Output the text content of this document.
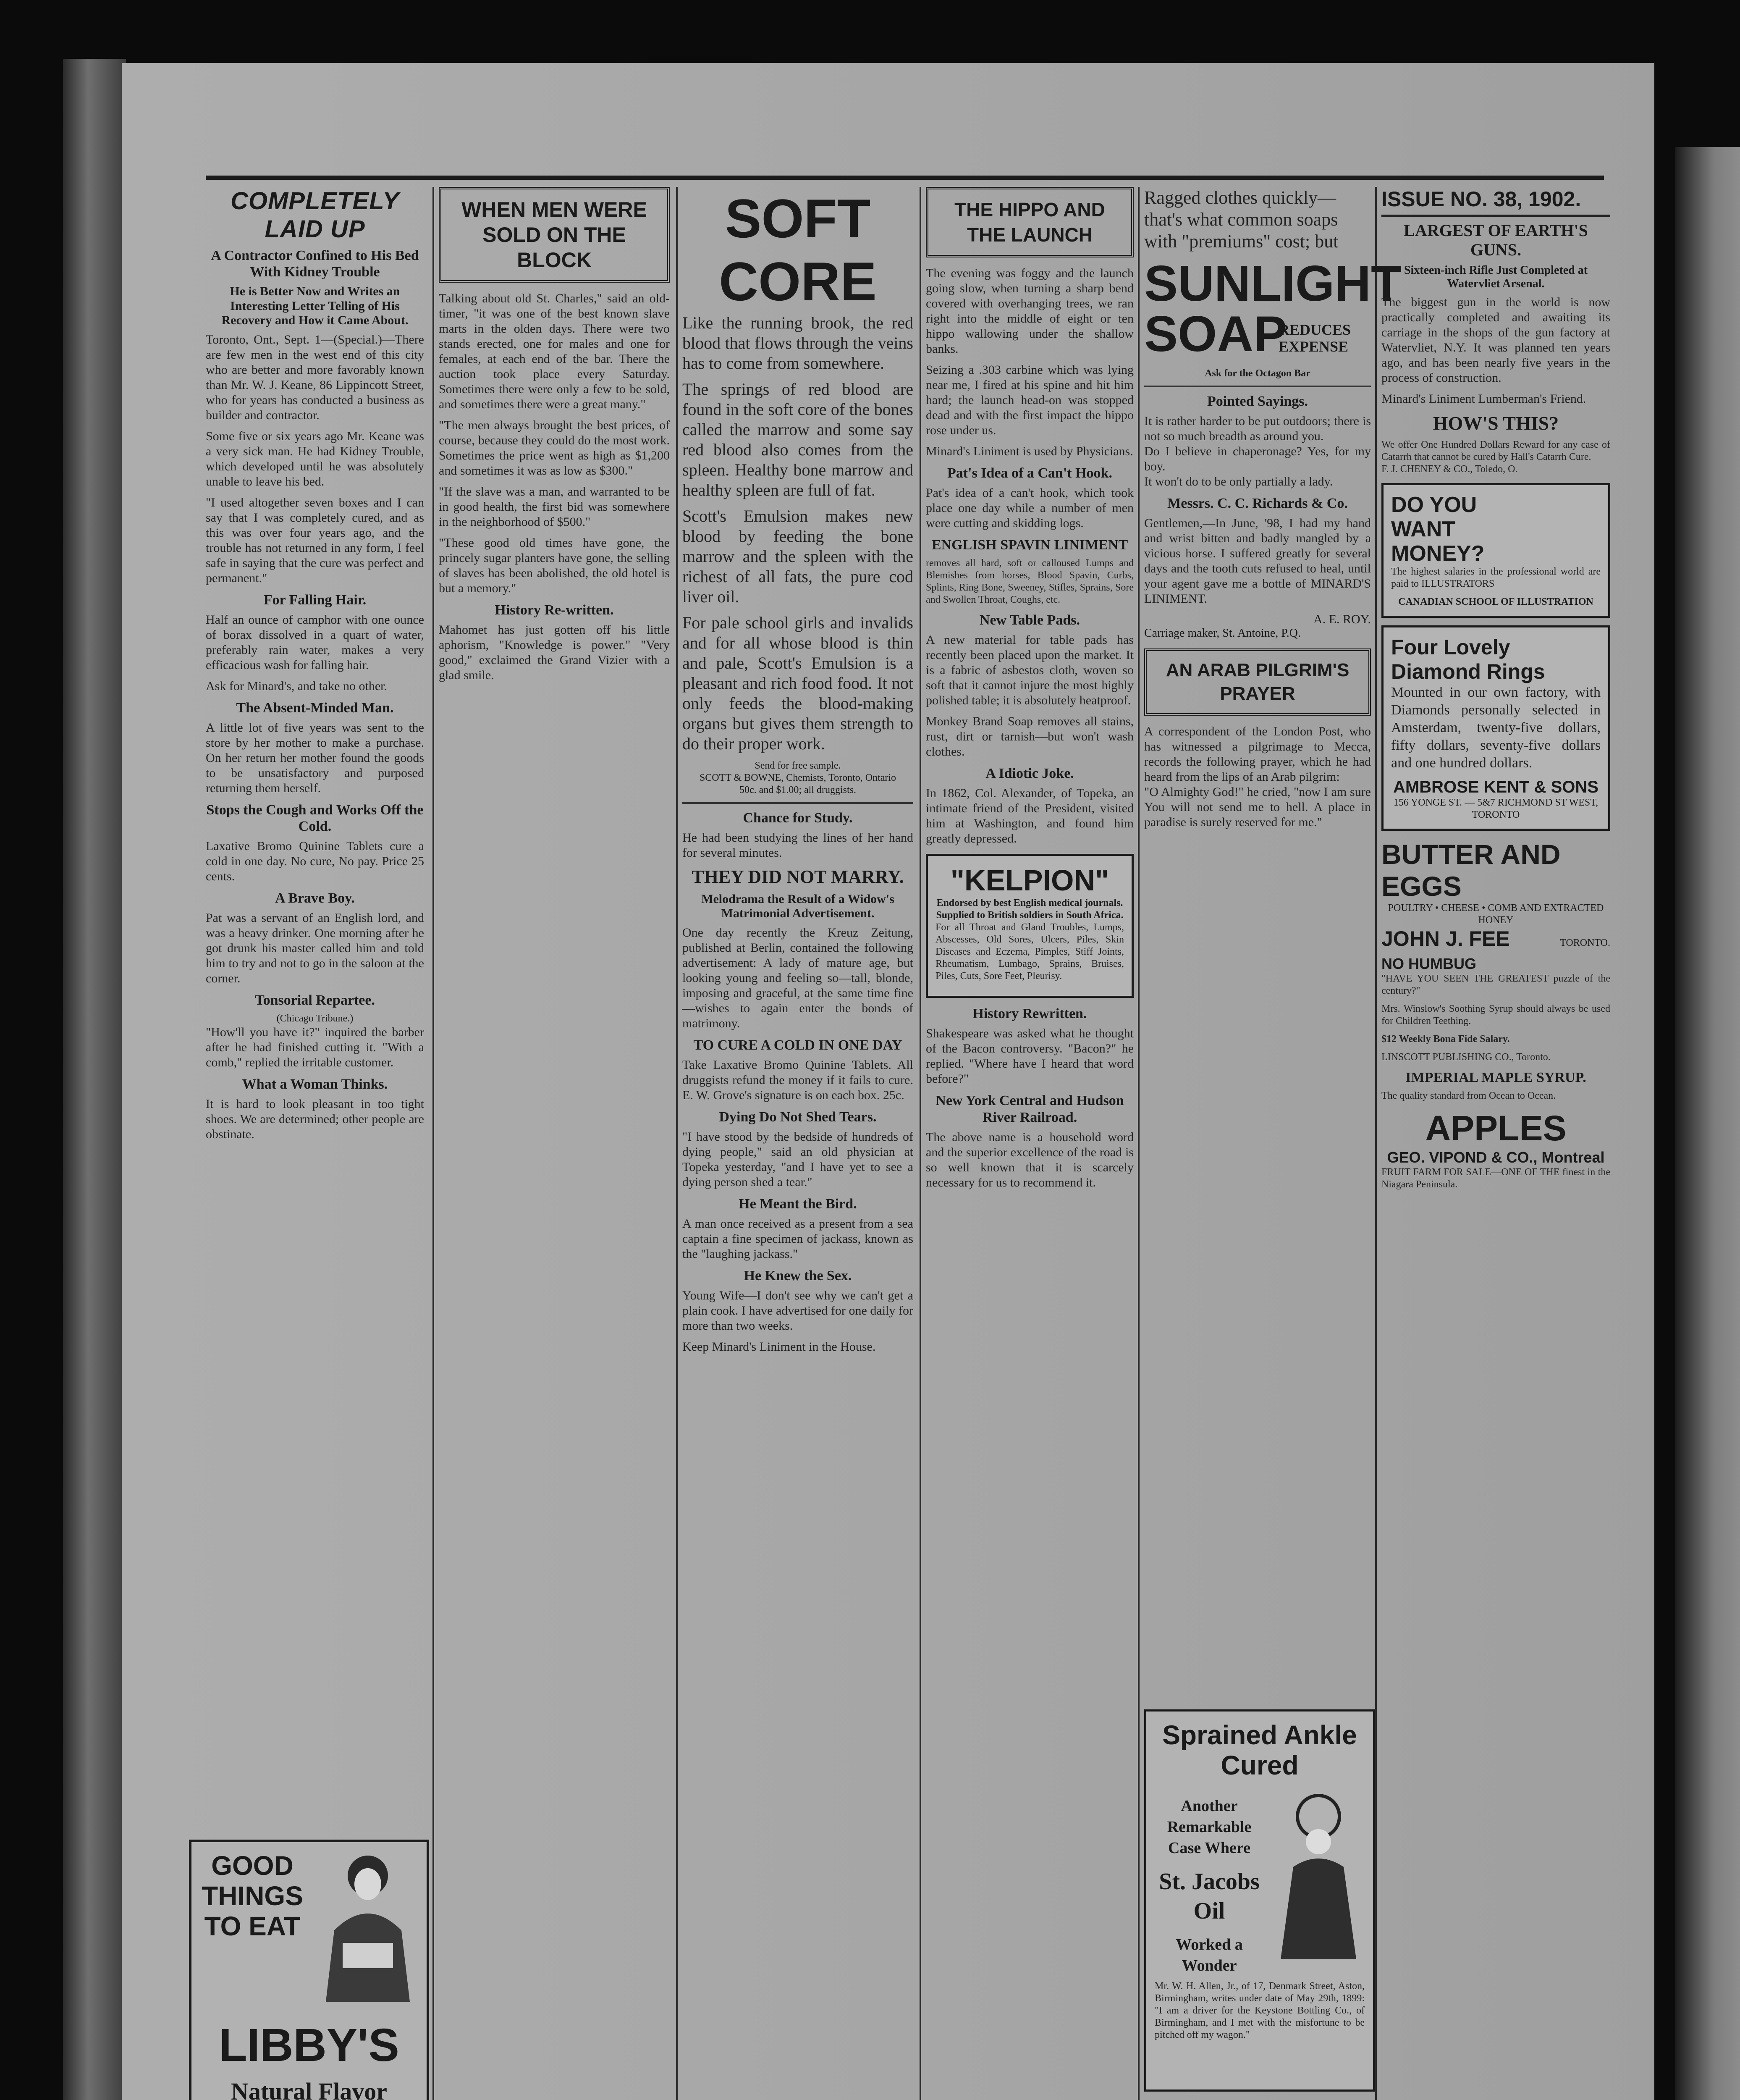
COMPLETELY LAID UP
A Contractor Confined to His Bed With Kidney Trouble
He is Better Now and Writes an Interesting Letter Telling of His Recovery and How it Came About.

Toronto, Ont., Sept. 1—(Special.)—There are few men in the west end of this city who are better and more favorably known than Mr. W. J. Keane, 86 Lippincott Street, who for years has conducted a business as builder and contractor.

Some five or six years ago Mr. Keane was a very sick man. He had Kidney Trouble, which developed until he was absolutely unable to leave his bed.

"I used altogether seven boxes and I can say that I was completely cured, and as this was over four years ago, and the trouble has not returned in any form, I feel safe in saying that the cure was perfect and permanent."

For Falling Hair.

Half an ounce of camphor with one ounce of borax dissolved in a quart of water, preferably rain water, makes a very efficacious wash for falling hair.

Ask for Minard's, and take no other.

The Absent-Minded Man.

A little lot of five years was sent to the store by her mother to make a purchase. On her return her mother found the goods to be unsatisfactory and purposed returning them herself.

Stops the Cough and Works Off the Cold.

Laxative Bromo Quinine Tablets cure a cold in one day. No cure, No pay. Price 25 cents.

A Brave Boy.

Pat was a servant of an English lord, and was a heavy drinker. One morning after he got drunk his master called him and told him to try and not to go in the saloon at the corner.

Tonsorial Repartee.
(Chicago Tribune.)

"How'll you have it?" inquired the barber after he had finished cutting it. "With a comb," replied the irritable customer.

What a Woman Thinks.

It is hard to look pleasant in too tight shoes. We are determined; other people are obstinate.

GOOD
THINGS
TO EAT
LIBBY'S
Natural Flavor
WHEN MEN WERE SOLD ON THE BLOCK

Talking about old St. Charles," said an old-timer, "it was one of the best known slave marts in the olden days. There were two stands erected, one for males and one for females, at each end of the bar. There the auction took place every Saturday. Sometimes there were only a few to be sold, and sometimes there were a great many."

"The men always brought the best prices, of course, because they could do the most work. Sometimes the price went as high as $1,200 and sometimes it was as low as $300."

"If the slave was a man, and warranted to be in good health, the first bid was somewhere in the neighborhood of $500."

"These good old times have gone, the princely sugar planters have gone, the selling of slaves has been abolished, the old hotel is but a memory."

History Re-written.

Mahomet has just gotten off his little aphorism, "Knowledge is power." "Very good," exclaimed the Grand Vizier with a glad smile.

SOFT CORE

Like the running brook, the red blood that flows through the veins has to come from somewhere.

The springs of red blood are found in the soft core of the bones called the marrow and some say red blood also comes from the spleen. Healthy bone marrow and healthy spleen are full of fat.

Scott's Emulsion makes new blood by feeding the bone marrow and the spleen with the richest of all fats, the pure cod liver oil.

For pale school girls and invalids and for all whose blood is thin and pale, Scott's Emulsion is a pleasant and rich food food. It not only feeds the blood-making organs but gives them strength to do their proper work.

Send for free sample.
SCOTT & BOWNE, Chemists, Toronto, Ontario
50c. and $1.00; all druggists.
Chance for Study.

He had been studying the lines of her hand for several minutes.

THEY DID NOT MARRY.
Melodrama the Result of a Widow's Matrimonial Advertisement.

One day recently the Kreuz Zeitung, published at Berlin, contained the following advertisement: A lady of mature age, but looking young and feeling so—tall, blonde, imposing and graceful, at the same time fine—wishes to again enter the bonds of matrimony.

TO CURE A COLD IN ONE DAY

Take Laxative Bromo Quinine Tablets. All druggists refund the money if it fails to cure. E. W. Grove's signature is on each box. 25c.

Dying Do Not Shed Tears.

"I have stood by the bedside of hundreds of dying people," said an old physician at Topeka yesterday, "and I have yet to see a dying person shed a tear."

He Meant the Bird.

A man once received as a present from a sea captain a fine specimen of jackass, known as the "laughing jackass."

He Knew the Sex.

Young Wife—I don't see why we can't get a plain cook. I have advertised for one daily for more than two weeks.

Keep Minard's Liniment in the House.

THE HIPPO AND THE LAUNCH

The evening was foggy and the launch going slow, when turning a sharp bend covered with overhanging trees, we ran right into the middle of eight or ten hippo wallowing under the shallow banks.

Seizing a .303 carbine which was lying near me, I fired at his spine and hit him hard; the launch head-on was stopped dead and with the first impact the hippo rose under us.

Minard's Liniment is used by Physicians.

Pat's Idea of a Can't Hook.

Pat's idea of a can't hook, which took place one day while a number of men were cutting and skidding logs.

ENGLISH SPAVIN LINIMENT

removes all hard, soft or calloused Lumps and Blemishes from horses, Blood Spavin, Curbs, Splints, Ring Bone, Sweeney, Stifles, Sprains, Sore and Swollen Throat, Coughs, etc.

New Table Pads.

A new material for table pads has recently been placed upon the market. It is a fabric of asbestos cloth, woven so soft that it cannot injure the most highly polished table; it is absolutely heatproof.

Monkey Brand Soap removes all stains, rust, dirt or tarnish—but won't wash clothes.

A Idiotic Joke.

In 1862, Col. Alexander, of Topeka, an intimate friend of the President, visited him at Washington, and found him greatly depressed.

"KELPION"
Endorsed by best English medical journals. Supplied to British soldiers in South Africa.

For all Throat and Gland Troubles, Lumps, Abscesses, Old Sores, Ulcers, Piles, Skin Diseases and Eczema, Pimples, Stiff Joints, Rheumatism, Lumbago, Sprains, Bruises, Piles, Cuts, Sore Feet, Pleurisy.

History Rewritten.

Shakespeare was asked what he thought of the Bacon controversy. "Bacon?" he replied. "Where have I heard that word before?"

New York Central and Hudson River Railroad.

The above name is a household word and the superior excellence of the road is so well known that it is scarcely necessary for us to recommend it.

Ragged clothes quickly—that's what common soaps with "premiums" cost; but

SUNLIGHT
SOAP
REDUCES EXPENSE
Ask for the Octagon Bar
Pointed Sayings.

It is rather harder to be put outdoors; there is not so much breadth as around you.
Do I believe in chaperonage? Yes, for my boy.
It won't do to be only partially a lady.

Messrs. C. C. Richards & Co.

Gentlemen,—In June, '98, I had my hand and wrist bitten and badly mangled by a vicious horse. I suffered greatly for several days and the tooth cuts refused to heal, until your agent gave me a bottle of MINARD'S LINIMENT.

A. E. ROY.
Carriage maker, St. Antoine, P.Q.
AN ARAB PILGRIM'S PRAYER

A correspondent of the London Post, who has witnessed a pilgrimage to Mecca, records the following prayer, which he had heard from the lips of an Arab pilgrim:
"O Almighty God!" he cried, "now I am sure You will not send me to hell. A place in paradise is surely reserved for me."

Sprained Ankle Cured
Another Remarkable Case Where
St. Jacobs Oil
Worked a Wonder

Mr. W. H. Allen, Jr., of 17, Denmark Street, Aston, Birmingham, writes under date of May 29th, 1899: "I am a driver for the Keystone Bottling Co., of Birmingham, and I met with the misfortune to be pitched off my wagon."

ISSUE NO. 38, 1902.
LARGEST OF EARTH'S GUNS.
Sixteen-inch Rifle Just Completed at Watervliet Arsenal.

The biggest gun in the world is now practically completed and awaiting its carriage in the shops of the gun factory at Watervliet, N.Y. It was planned ten years ago, and has been nearly five years in the process of construction.

Minard's Liniment Lumberman's Friend.

HOW'S THIS?

We offer One Hundred Dollars Reward for any case of Catarrh that cannot be cured by Hall's Catarrh Cure.
F. J. CHENEY & CO., Toledo, O.

DO YOU
WANT
MONEY?

The highest salaries in the professional world are paid to ILLUSTRATORS

CANADIAN SCHOOL OF ILLUSTRATION
Four Lovely
Diamond Rings

Mounted in our own factory, with Diamonds personally selected in Amsterdam, twenty-five dollars, fifty dollars, seventy-five dollars and one hundred dollars.

AMBROSE KENT & SONS
156 YONGE ST. — 5&7 RICHMOND ST WEST, TORONTO
BUTTER AND EGGS
POULTRY • CHEESE • COMB AND EXTRACTED HONEY
JOHN J. FEE	TORONTO.
NO HUMBUG

"HAVE YOU SEEN THE GREATEST puzzle of the century?"

Mrs. Winslow's Soothing Syrup should always be used for Children Teething.

$12 Weekly Bona Fide Salary.

LINSCOTT PUBLISHING CO., Toronto.

IMPERIAL MAPLE SYRUP.

The quality standard from Ocean to Ocean.

APPLES
GEO. VIPOND & CO., Montreal

FRUIT FARM FOR SALE—ONE OF THE finest in the Niagara Peninsula.
